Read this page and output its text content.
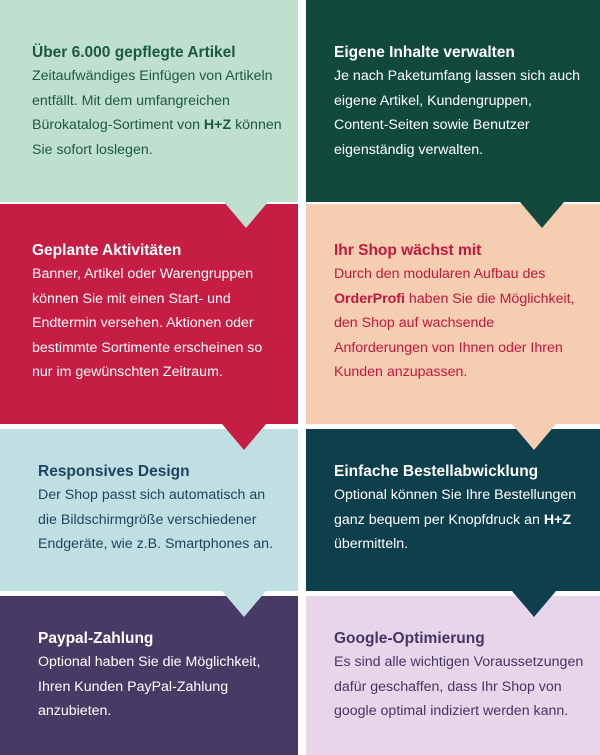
Über 6.000 gepflegte Artikel

Zeitaufwändiges Einfügen von Artikeln entfällt. Mit dem umfangreichen Bürokatalog-Sortiment von H+Z können Sie sofort loslegen.

Eigene Inhalte verwalten

Je nach Paketumfang lassen sich auch eigene Artikel, Kundengruppen, Content-Seiten sowie Benutzer eigenständig verwalten.

Geplante Aktivitäten

Banner, Artikel oder Warengruppen können Sie mit einen Start- und Endtermin versehen. Aktionen oder bestimmte Sortimente erscheinen so nur im gewünschten Zeitraum.

Ihr Shop wächst mit

Durch den modularen Aufbau des OrderProfi haben Sie die Möglichkeit, den Shop auf wachsende Anforderungen von Ihnen oder Ihren Kunden anzupassen.

Responsives Design

Der Shop passt sich automatisch an die Bildschirmgröße verschiedener Endgeräte, wie z.B. Smartphones an.

Einfache Bestellabwicklung

Optional können Sie Ihre Bestellungen ganz bequem per Knopfdruck an H+Z übermitteln.

Paypal-Zahlung

Optional haben Sie die Möglichkeit, Ihren Kunden PayPal-Zahlung anzubieten.

Google-Optimierung

Es sind alle wichtigen Voraussetzungen dafür geschaffen, dass Ihr Shop von google optimal indiziert werden kann.
